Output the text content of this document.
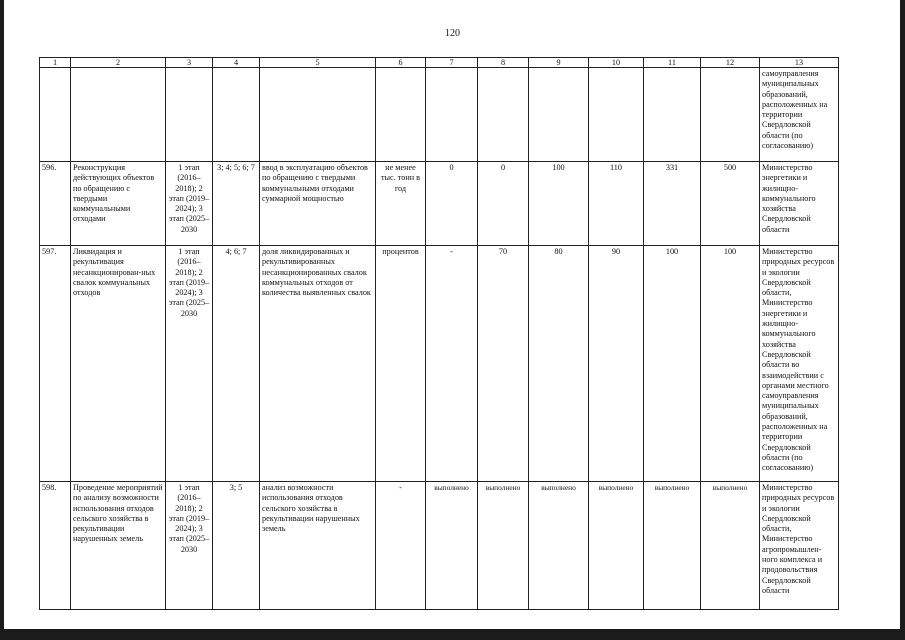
120
1	2	3	4	5	6	7	8	9	10	11	12	13
												самоуправления муниципальных образований, расположенных на территории Свердловской области (по согласованию)
596.	Реконструкция действующих объектов по обращению с твердыми коммунальными отходами	1 этап (2016–2018); 2 этап (2019–2024); 3 этап (2025–2030	3; 4; 5; 6; 7	ввод в эксплуатацию объектов по обращению с твердыми коммунальными отходами суммарной мощностью	не менее тыс. тонн в год	0	0	100	110	331	500	Министерство энергетики и жилищно-коммунального хозяйства Свердловской области
597.	Ликвидация и рекультивация несанкционирован-ных свалок коммунальных отходов	1 этап (2016–2018); 2 этап (2019–2024); 3 этап (2025–2030	4; 6; 7	доля ликвидированных и рекультивированных несанкционированных свалок коммунальных отходов от количества выявленных свалок	процентов	-	70	80	90	100	100	Министерство природных ресурсов и экологии Свердловской области, Министерство энергетики и жилищно-коммунального хозяйства Свердловской области во взаимодействии с органами местного самоуправления муниципальных образований, расположенных на территории Свердловской области (по согласованию)
598.	Проведение мероприятий по анализу возможности использования отходов сельского хозяйства в рекультивации нарушенных земель	1 этап (2016–2018); 2 этап (2019–2024); 3 этап (2025–2030	3; 5	анализ возможности использования отходов сельского хозяйства в рекультивации нарушенных земель	-	выполнено	выполнено	выполнено	выполнено	выполнено	выполнено	Министерство природных ресурсов и экологии Свердловской области, Министерство агропромышлен-ного комплекса и продовольствия Свердловской области
